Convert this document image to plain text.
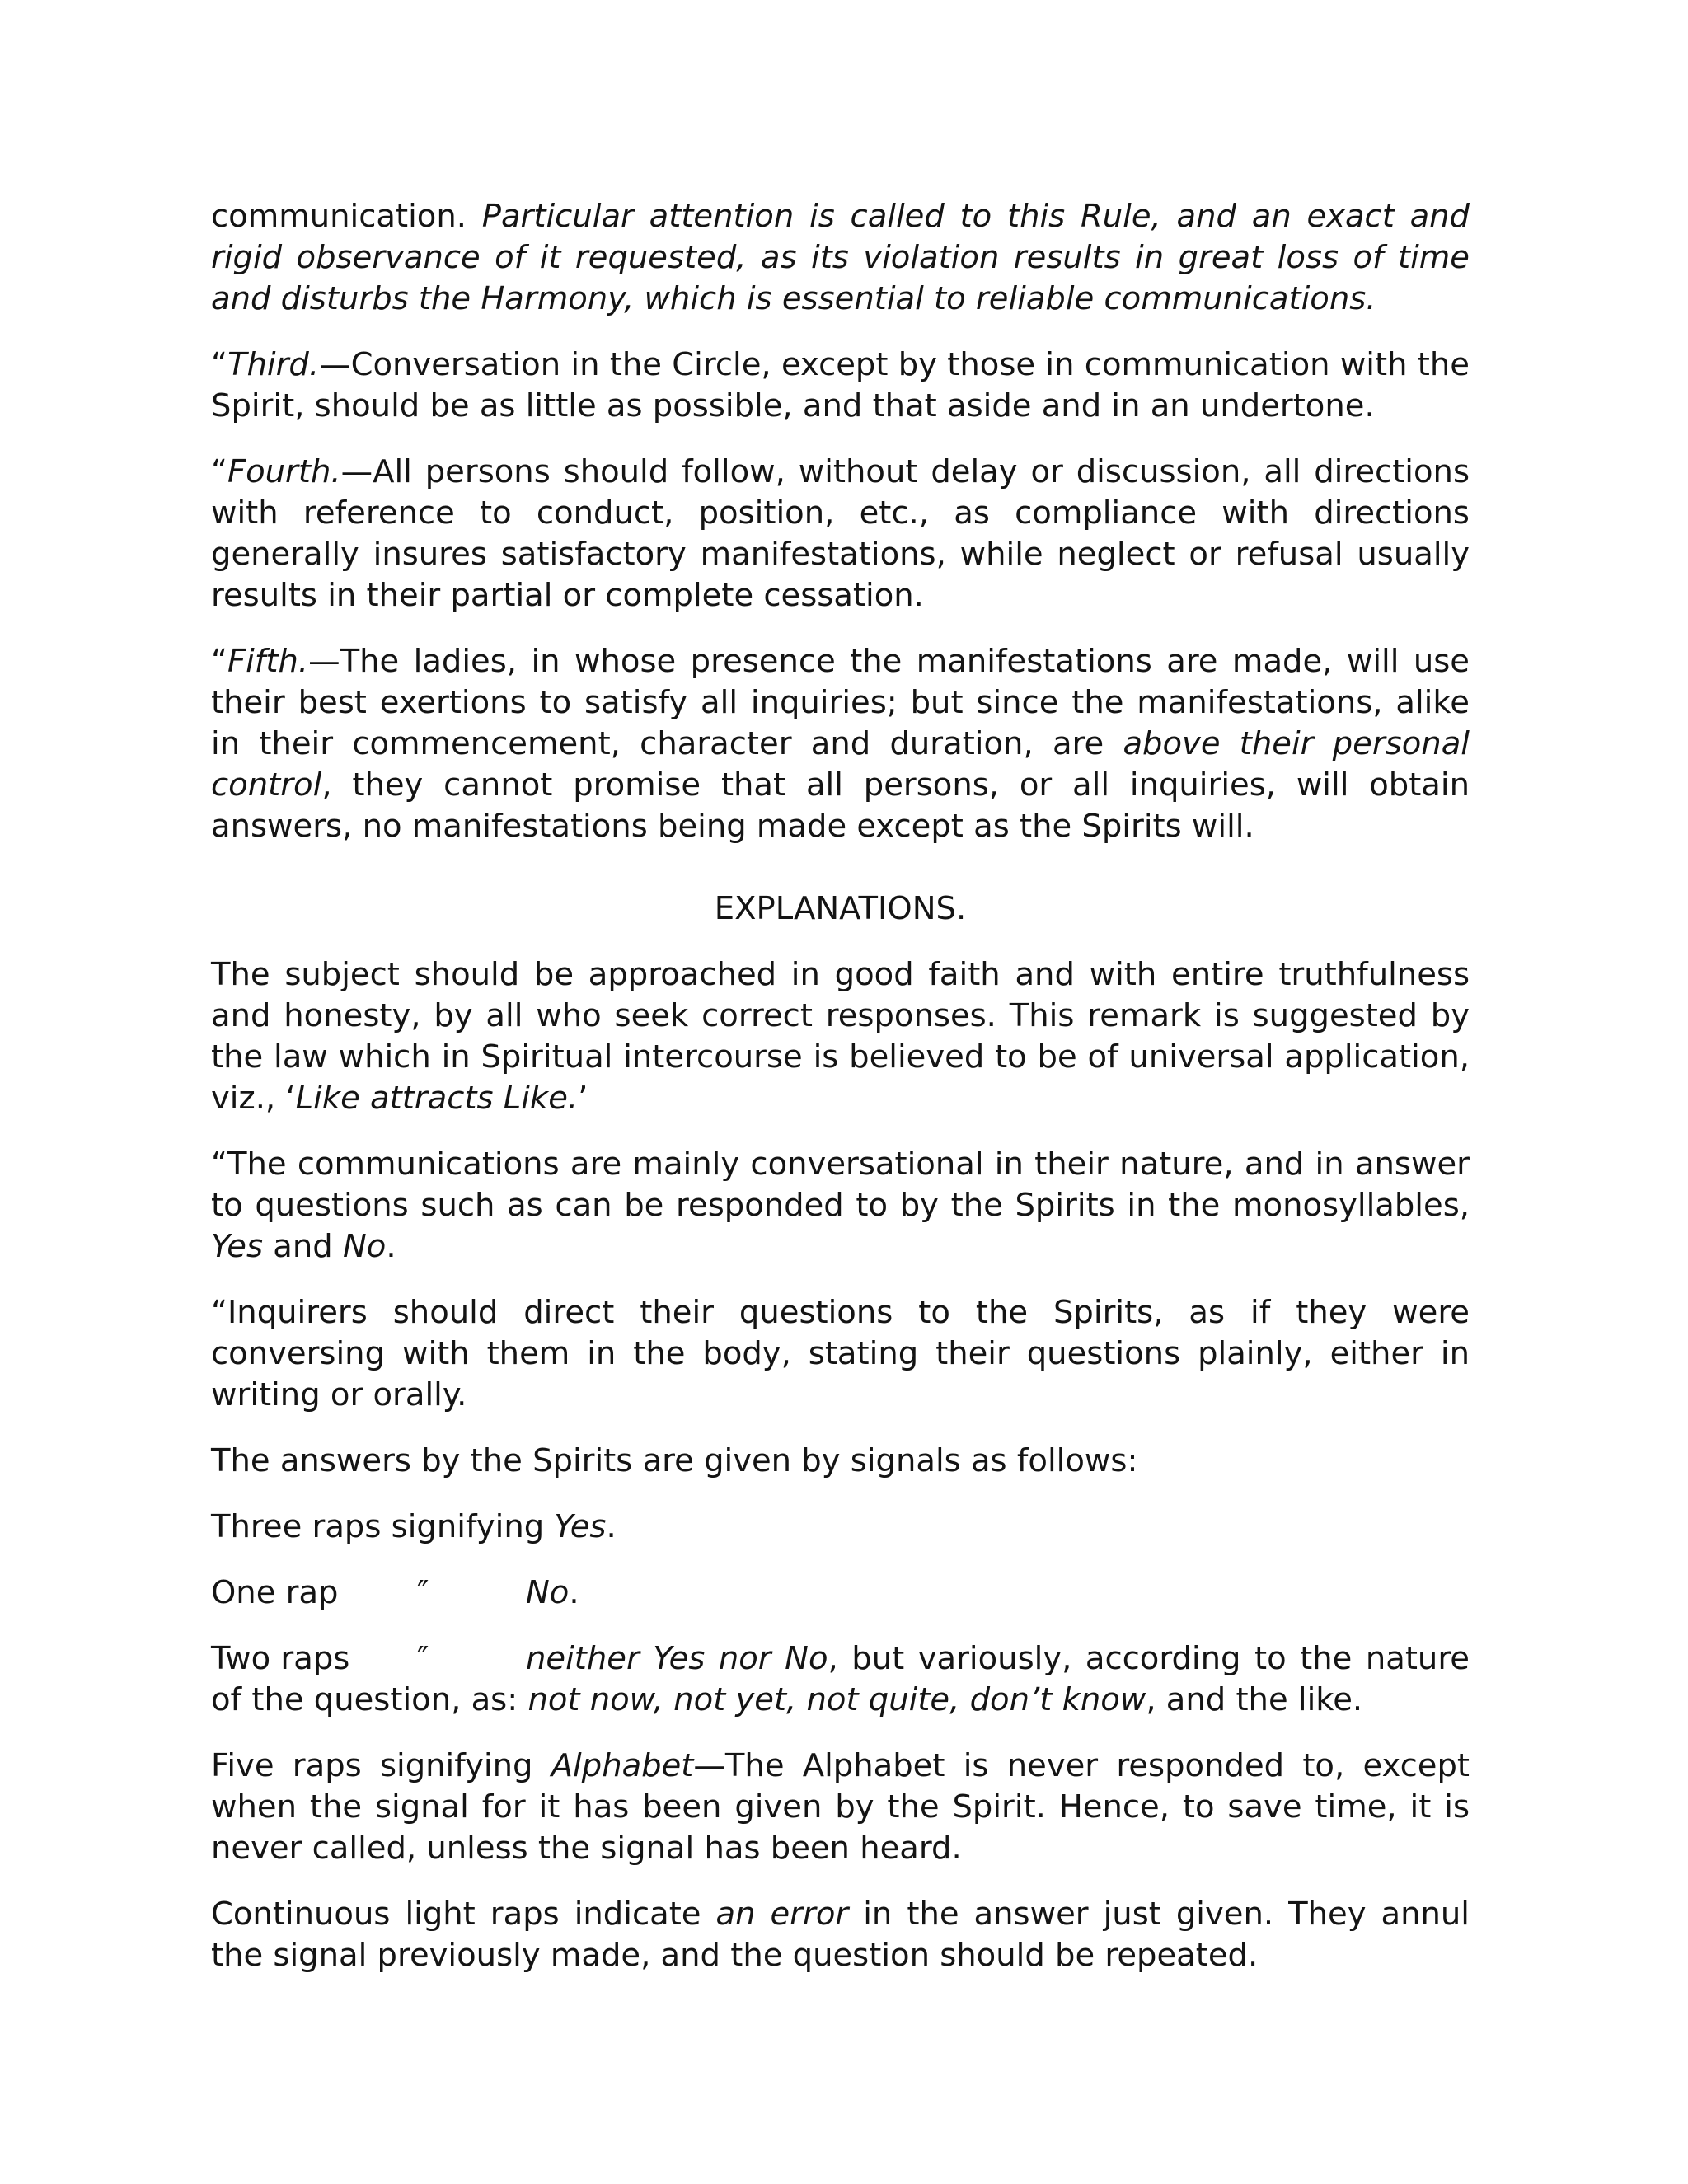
communication. Particular attention is called to this Rule, and an exact and rigid observance of it requested, as its violation results in great loss of time and disturbs the Harmony, which is essential to reliable communications.

“Third.—Conversation in the Circle, except by those in communication with the Spirit, should be as little as possible, and that aside and in an undertone.

“Fourth.—All persons should follow, without delay or discussion, all directions with reference to conduct, position, etc., as compliance with directions generally insures satisfactory manifestations, while neglect or refusal usually results in their partial or complete cessation.

“Fifth.—The ladies, in whose presence the manifestations are made, will use their best exertions to satisfy all inquiries; but since the manifestations, alike in their commencement, character and duration, are above their personal control, they cannot promise that all persons, or all inquiries, will obtain answers, no manifestations being made except as the Spirits will.

EXPLANATIONS.

The subject should be approached in good faith and with entire truthfulness and honesty, by all who seek correct responses. This remark is suggested by the law which in Spiritual intercourse is believed to be of universal application, viz., ‘Like attracts Like.’

“The communications are mainly conversational in their nature, and in answer to questions such as can be responded to by the Spirits in the monosyllables, Yes and No.

“Inquirers should direct their questions to the Spirits, as if they were conversing with them in the body, stating their questions plainly, either in writing or orally.

The answers by the Spirits are given by signals as follows:

Three raps signifying Yes.

One rap ″	No.

Two raps ″	neither Yes nor No, but variously, according to the nature of the question, as: not now, not yet, not quite, don’t know, and the like.

Five raps signifying Alphabet—The Alphabet is never responded to, except when the signal for it has been given by the Spirit. Hence, to save time, it is never called, unless the signal has been heard.

Continuous light raps indicate an error in the answer just given. They annul the signal previously made, and the question should be repeated.
